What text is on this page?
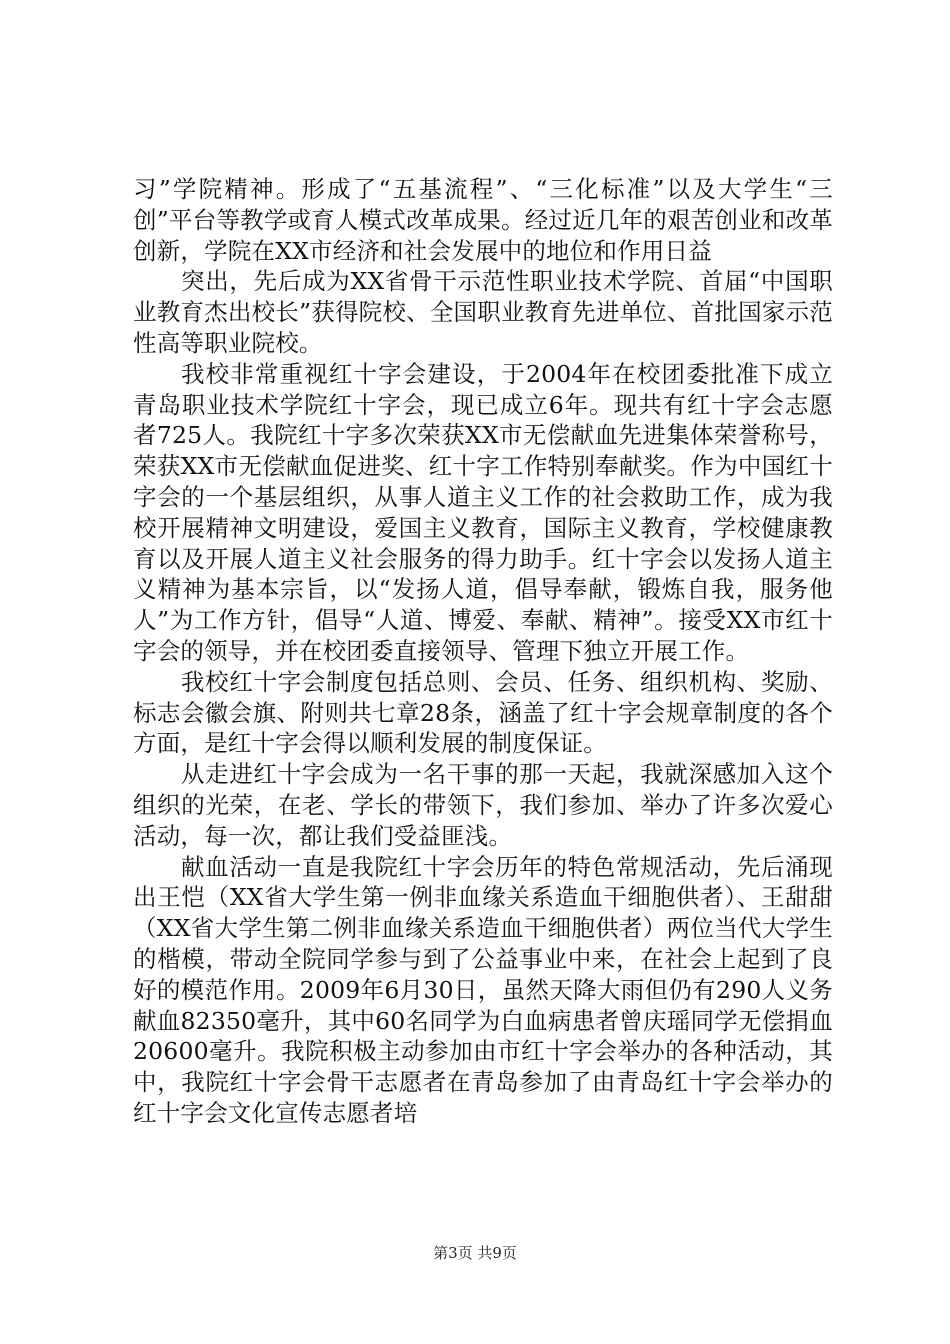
习”学院精神。形成了“五基流程”、“三化标准”以及大学生“三创”平台等教学或育人模式改革成果。经过近几年的艰苦创业和改革创新，学院在XX市经济和社会发展中的地位和作用日益

突出，先后成为XX省骨干示范性职业技术学院、首届“中国职业教育杰出校长”获得院校、全国职业教育先进单位、首批国家示范性高等职业院校。

我校非常重视红十字会建设，于2004年在校团委批准下成立青岛职业技术学院红十字会，现已成立6年。现共有红十字会志愿者725人。我院红十字多次荣获XX市无偿献血先进集体荣誉称号，荣获XX市无偿献血促进奖、红十字工作特别奉献奖。作为中国红十字会的一个基层组织，从事人道主义工作的社会救助工作，成为我校开展精神文明建设，爱国主义教育，国际主义教育，学校健康教育以及开展人道主义社会服务的得力助手。红十字会以发扬人道主义精神为基本宗旨，以“发扬人道，倡导奉献，锻炼自我，服务他人”为工作方针，倡导“人道、博爱、奉献、精神”。接受XX市红十字会的领导，并在校团委直接领导、管理下独立开展工作。

我校红十字会制度包括总则、会员、任务、组织机构、奖励、标志会徽会旗、附则共七章28条，涵盖了红十字会规章制度的各个方面，是红十字会得以顺利发展的制度保证。

从走进红十字会成为一名干事的那一天起，我就深感加入这个组织的光荣，在老、学长的带领下，我们参加、举办了许多次爱心活动，每一次，都让我们受益匪浅。

献血活动一直是我院红十字会历年的特色常规活动，先后涌现出王恺（XX省大学生第一例非血缘关系造血干细胞供者）、王甜甜（XX省大学生第二例非血缘关系造血干细胞供者）两位当代大学生的楷模，带动全院同学参与到了公益事业中来，在社会上起到了良好的模范作用。2009年6月30日，虽然天降大雨但仍有290人义务献血82350毫升，其中60名同学为白血病患者曾庆瑶同学无偿捐血20600毫升。我院积极主动参加由市红十字会举办的各种活动，其中，我院红十字会骨干志愿者在青岛参加了由青岛红十字会举办的红十字会文化宣传志愿者培

第3页 共9页
